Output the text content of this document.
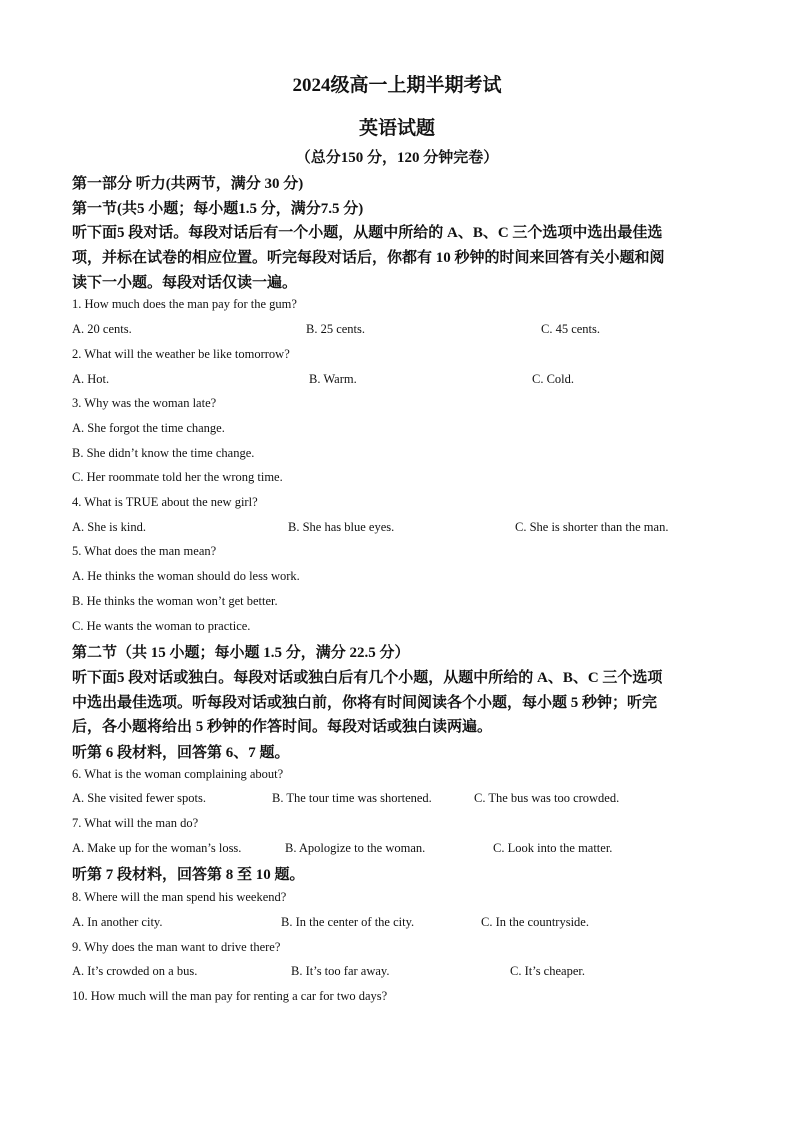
2024级高一上期半期考试
英语试题
（总分150 分，120 分钟完卷）
第一部分 听力(共两节，满分 30 分)
第一节(共5 小题；每小题1.5 分，满分7.5 分)
听下面5 段对话。每段对话后有一个小题，从题中所给的 A、B、C 三个选项中选出最佳选
项，并标在试卷的相应位置。听完每段对话后，你都有 10 秒钟的时间来回答有关小题和阅
读下一小题。每段对话仅读一遍。
1. How much does the man pay for the gum?
A. 20 cents.	B. 25 cents.	C. 45 cents.
2. What will the weather be like tomorrow?
A. Hot.	B. Warm.	C. Cold.
3. Why was the woman late?
A. She forgot the time change.
B. She didn’t know the time change.
C. Her roommate told her the wrong time.
4. What is TRUE about the new girl?
A. She is kind.	B. She has blue eyes.	C. She is shorter than the man.
5. What does the man mean?
A. He thinks the woman should do less work.
B. He thinks the woman won’t get better.
C. He wants the woman to practice.
第二节（共 15 小题；每小题 1.5 分，满分 22.5 分）
听下面5 段对话或独白。每段对话或独白后有几个小题，从题中所给的 A、B、C 三个选项
中选出最佳选项。听每段对话或独白前，你将有时间阅读各个小题，每小题 5 秒钟；听完
后，各小题将给出 5 秒钟的作答时间。每段对话或独白读两遍。
听第 6 段材料，回答第 6、7 题。
6. What is the woman complaining about?
A. She visited fewer spots.	B. The tour time was shortened.	C. The bus was too crowded.
7. What will the man do?
A. Make up for the woman’s loss.	B. Apologize to the woman.	C. Look into the matter.
听第 7 段材料，回答第 8 至 10 题。
8. Where will the man spend his weekend?
A. In another city.	B. In the center of the city.	C. In the countryside.
9. Why does the man want to drive there?
A. It’s crowded on a bus.	B. It’s too far away.	C. It’s cheaper.
10. How much will the man pay for renting a car for two days?
